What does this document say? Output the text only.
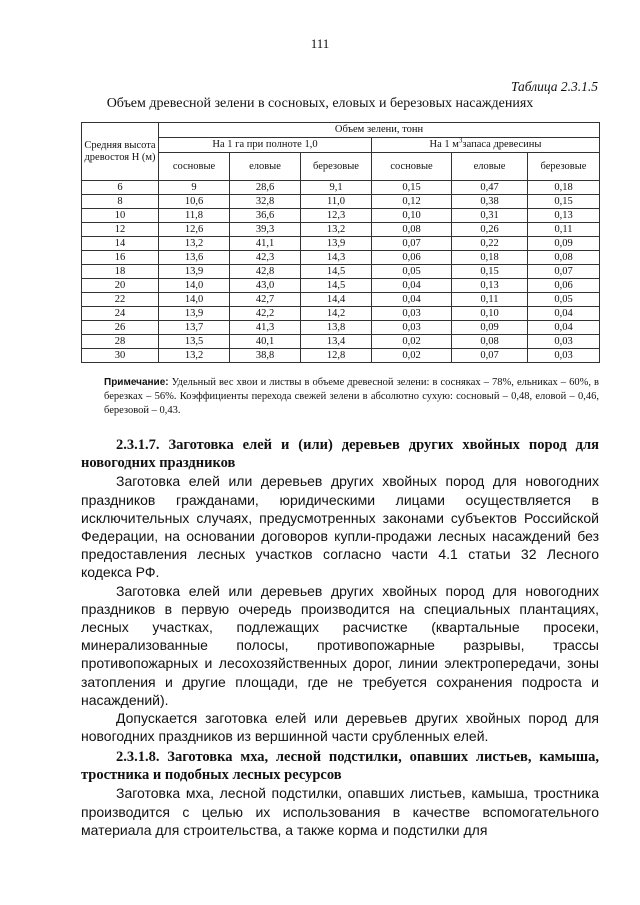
111
Таблица 2.3.1.5
Объем древесной зелени в сосновых, еловых и березовых насаждениях
Средняя высота древостоя Н (м)	Объем зелени, тонн					
	На 1 га при полноте 1,0			На 1 $м^3запаса$ древесины		
	сосновые	еловые	березовые	сосновые	еловые	березовые
6	9	28,6	9,1	0,15	0,47	0,18
8	10,6	32,8	11,0	0,12	0,38	0,15
10	11,8	36,6	12,3	0,10	0,31	0,13
12	12,6	39,3	13,2	0,08	0,26	0,11
14	13,2	41,1	13,9	0,07	0,22	0,09
16	13,6	42,3	14,3	0,06	0,18	0,08
18	13,9	42,8	14,5	0,05	0,15	0,07
20	14,0	43,0	14,5	0,04	0,13	0,06
22	14,0	42,7	14,4	0,04	0,11	0,05
24	13,9	42,2	14,2	0,03	0,10	0,04
26	13,7	41,3	13,8	0,03	0,09	0,04
28	13,5	40,1	13,4	0,02	0,08	0,03
30	13,2	38,8	12,8	0,02	0,07	0,03
Примечание: Удельный вес хвои и листвы в объеме древесной зелени: в сосняках – 78%, ельниках – 60%, в березках – 56%. Коэффициенты перехода свежей зелени в абсолютно сухую: сосновый – 0,48, еловой – 0,46, березовой – 0,43.
2.3.1.7. Заготовка елей и (или) деревьев других хвойных пород для новогодних праздников

Заготовка елей или деревьев других хвойных пород для новогодних праздников гражданами, юридическими лицами осуществляется в исключительных случаях, предусмотренных законами субъектов Российской Федерации, на основании договоров купли-продажи лесных насаждений без предоставления лесных участков согласно части 4.1 статьи 32 Лесного кодекса РФ.

Заготовка елей или деревьев других хвойных пород для новогодних праздников в первую очередь производится на специальных плантациях, лесных участках, подлежащих расчистке (квартальные просеки, минерализованные полосы, противопожарные разрывы, трассы противопожарных и лесохозяйственных дорог, линии электропередачи, зоны затопления и другие площади, где не требуется сохранения подроста и насаждений).

Допускается заготовка елей или деревьев других хвойных пород для новогодних праздников из вершинной части срубленных елей.

2.3.1.8. Заготовка мха, лесной подстилки, опавших листьев, камыша, тростника и подобных лесных ресурсов

Заготовка мха, лесной подстилки, опавших листьев, камыша, тростника производится с целью их использования в качестве вспомогательного материала для строительства, а также корма и подстилки для
